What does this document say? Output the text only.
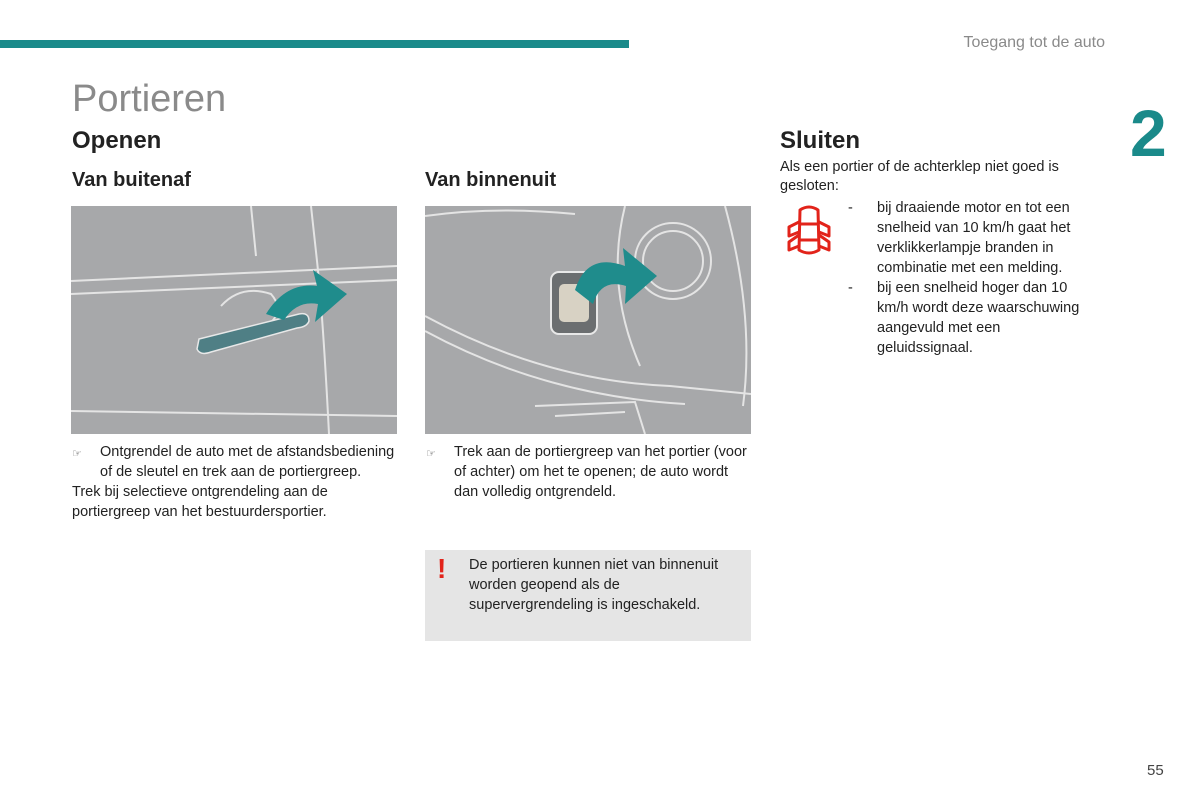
Toegang tot de auto
2
Portieren
Openen
Van buitenaf	Van binnenuit
Sluiten
☞	Ontgrendel de auto met de afstandsbediening of de sleutel en trek aan de portiergreep.
Trek bij selectieve ontgrendeling aan de portiergreep van het bestuurdersportier.
☞	Trek aan de portiergreep van het portier (voor of achter) om het te openen; de auto wordt dan volledig ontgrendeld.
! De portieren kunnen niet van binnenuit worden geopend als de supervergrendeling is ingeschakeld.
Als een portier of de achterklep niet goed is gesloten:
-	bij draaiende motor en tot een snelheid van 10 km/h gaat het verklikkerlampje branden in combinatie met een melding.
-	bij een snelheid hoger dan 10 km/h wordt deze waarschuwing aangevuld met een geluidssignaal.
55
